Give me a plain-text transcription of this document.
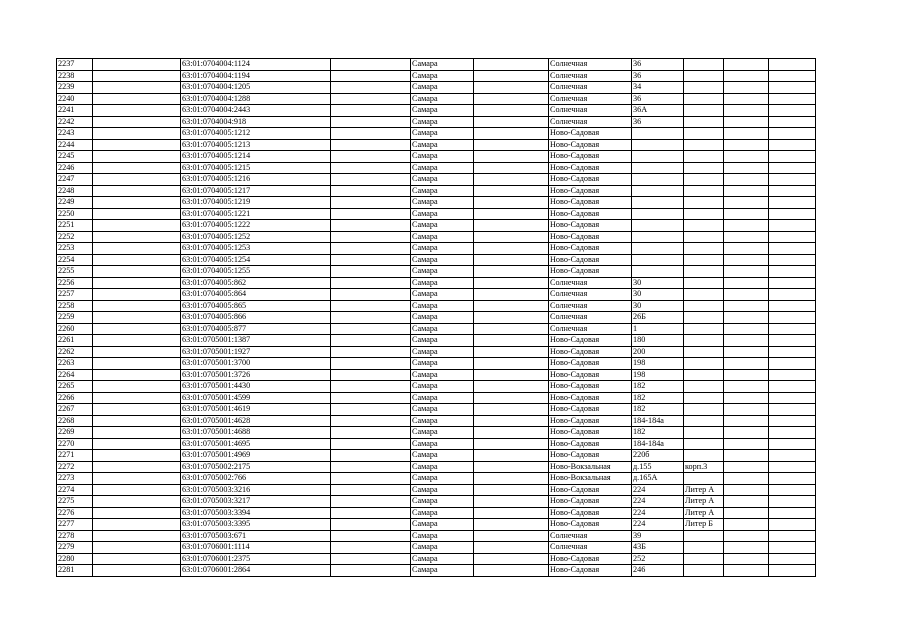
2237		63:01:0704004:1124		Самара		Солнечная	36			
2238		63:01:0704004:1194		Самара		Солнечная	36			
2239		63:01:0704004:1205		Самара		Солнечная	34			
2240		63:01:0704004:1288		Самара		Солнечная	36			
2241		63:01:0704004:2443		Самара		Солнечная	36А			
2242		63:01:0704004:918		Самара		Солнечная	36			
2243		63:01:0704005:1212		Самара		Ново-Садовая				
2244		63:01:0704005:1213		Самара		Ново-Садовая				
2245		63:01:0704005:1214		Самара		Ново-Садовая				
2246		63:01:0704005:1215		Самара		Ново-Садовая				
2247		63:01:0704005:1216		Самара		Ново-Садовая				
2248		63:01:0704005:1217		Самара		Ново-Садовая				
2249		63:01:0704005:1219		Самара		Ново-Садовая				
2250		63:01:0704005:1221		Самара		Ново-Садовая				
2251		63:01:0704005:1222		Самара		Ново-Садовая				
2252		63:01:0704005:1252		Самара		Ново-Садовая				
2253		63:01:0704005:1253		Самара		Ново-Садовая				
2254		63:01:0704005:1254		Самара		Ново-Садовая				
2255		63:01:0704005:1255		Самара		Ново-Садовая				
2256		63:01:0704005:862		Самара		Солнечная	30			
2257		63:01:0704005:864		Самара		Солнечная	30			
2258		63:01:0704005:865		Самара		Солнечная	30			
2259		63:01:0704005:866		Самара		Солнечная	26Б			
2260		63:01:0704005:877		Самара		Солнечная	1			
2261		63:01:0705001:1387		Самара		Ново-Садовая	180			
2262		63:01:0705001:1927		Самара		Ново-Садовая	200			
2263		63:01:0705001:3700		Самара		Ново-Садовая	198			
2264		63:01:0705001:3726		Самара		Ново-Садовая	198			
2265		63:01:0705001:4430		Самара		Ново-Садовая	182			
2266		63:01:0705001:4599		Самара		Ново-Садовая	182			
2267		63:01:0705001:4619		Самара		Ново-Садовая	182			
2268		63:01:0705001:4628		Самара		Ново-Садовая	184-184а			
2269		63:01:0705001:4688		Самара		Ново-Садовая	182			
2270		63:01:0705001:4695		Самара		Ново-Садовая	184-184а			
2271		63:01:0705001:4969		Самара		Ново-Садовая	220б			
2272		63:01:0705002:2175		Самара		Ново-Вокзальная	д.155	корп.3		
2273		63:01:0705002:766		Самара		Ново-Вокзальная	д.165А			
2274		63:01:0705003:3216		Самара		Ново-Садовая	224	Литер А		
2275		63:01:0705003:3217		Самара		Ново-Садовая	224	Литер А		
2276		63:01:0705003:3394		Самара		Ново-Садовая	224	Литер А		
2277		63:01:0705003:3395		Самара		Ново-Садовая	224	Литер Б		
2278		63:01:0705003:671		Самара		Солнечная	39			
2279		63:01:0706001:1114		Самара		Солнечная	43Б			
2280		63:01:0706001:2375		Самара		Ново-Садовая	252			
2281		63:01:0706001:2864		Самара		Ново-Садовая	246			
